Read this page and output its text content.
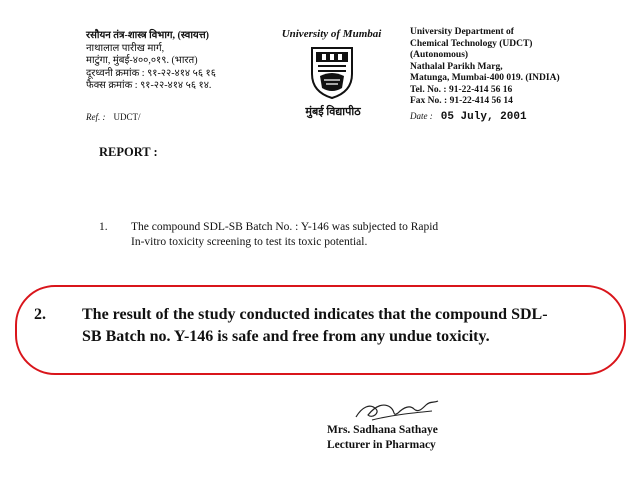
रसौयन तंत्र-शास्त्र विभाग, (स्वायत्त)
नाथालाल पारीख मार्ग,
माटुंगा, मुंबई-४००,०१९. (भारत)
दूरध्वनी क्रमांक : ९१-२२-४१४ ५६ १६
फैक्स क्रमांक : ९१-२२-४१४ ५६ १४.
Ref. : UDCT/
University of Mumbai
मुंबई विद्यापीठ
University Department of
Chemical Technology (UDCT)
(Autonomous)
Nathalal Parikh Marg,
Matunga, Mumbai-400 019. (INDIA)
Tel. No. : 91-22-414 56 16
Fax No. : 91-22-414 56 14
Date : 05 July, 2001
REPORT :
1. The compound SDL-SB Batch No. : Y-146 was subjected to Rapid
In-vitro toxicity screening to test its toxic potential.
2. The result of the study conducted indicates that the compound SDL-
SB Batch no. Y-146 is safe and free from any undue toxicity.
Mrs. Sadhana Sathaye
Lecturer in Pharmacy
